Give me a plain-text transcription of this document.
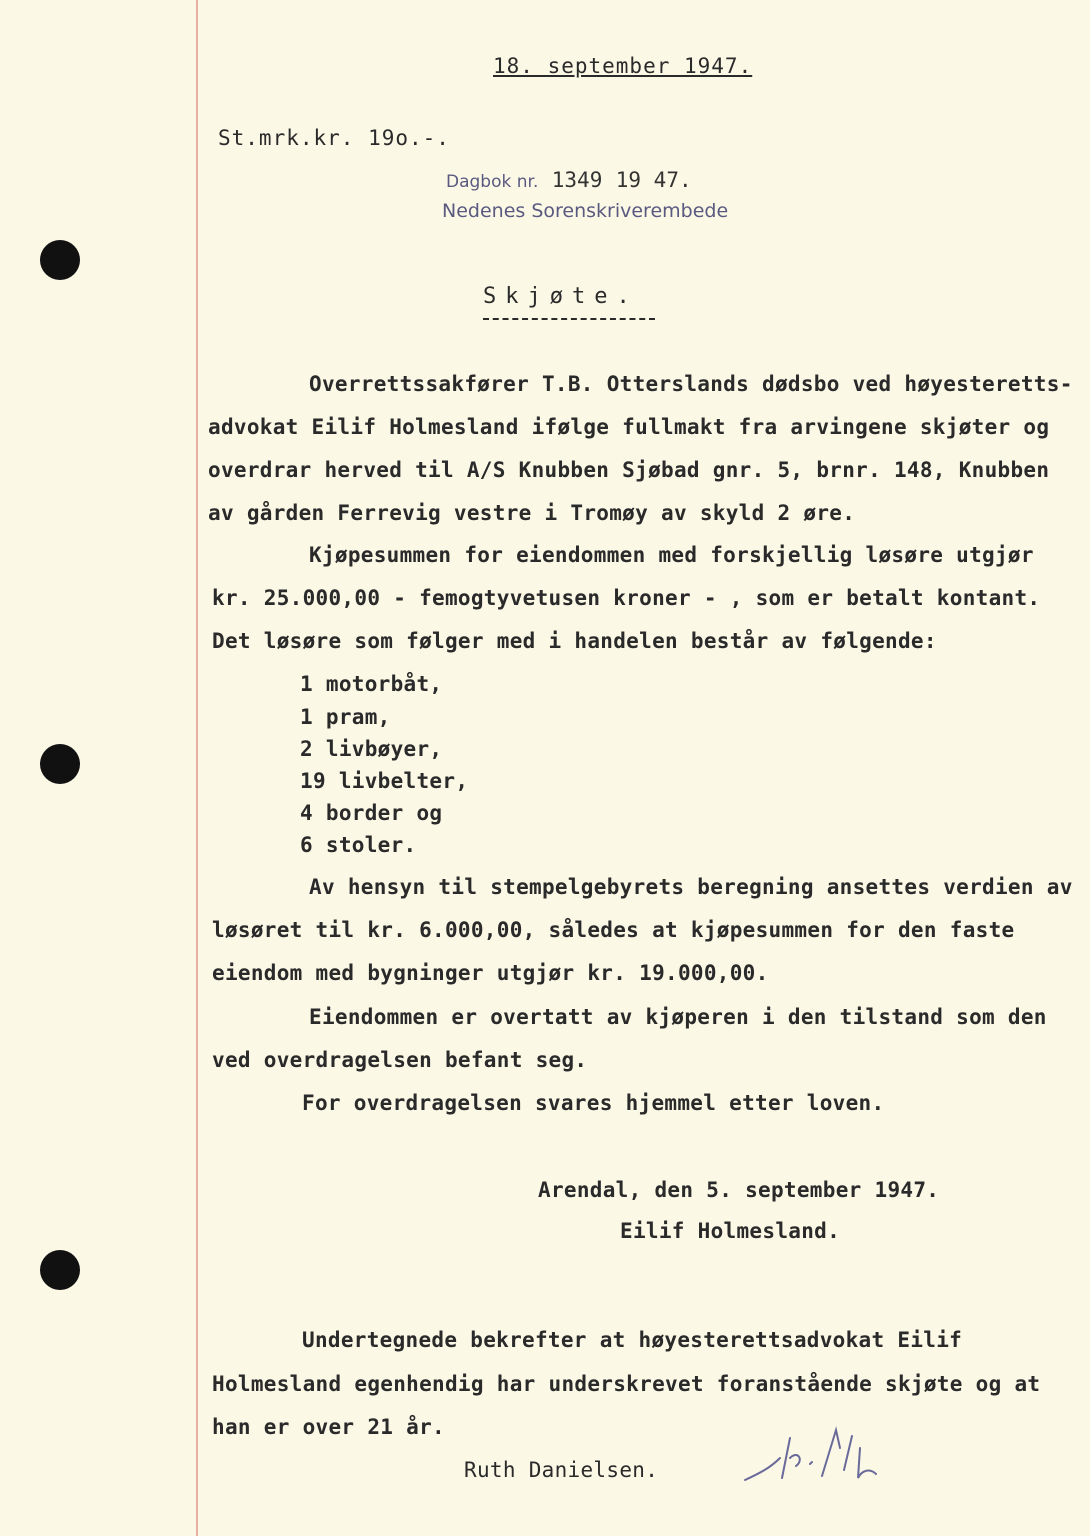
18. september 1947.
St.mrk.kr. 19o.-.
Dagbok nr. 1349 19 47.
Nedenes Sorenskriverembede
Skjøte.
Overrettssakfører T.B. Otterslands dødsbo ved høyesteretts-
advokat Eilif Holmesland ifølge fullmakt fra arvingene skjøter og
overdrar herved til A/S Knubben Sjøbad gnr. 5, brnr. 148, Knubben
av gården Ferrevig vestre i Tromøy av skyld 2 øre.
Kjøpesummen for eiendommen med forskjellig løsøre utgjør
kr. 25.000,00 - femogtyvetusen kroner - , som er betalt kontant.
Det løsøre som følger med i handelen består av følgende:
1 motorbåt,
1 pram,
2 livbøyer,
19 livbelter,
4 border og
6 stoler.
Av hensyn til stempelgebyrets beregning ansettes verdien av
løsøret til kr. 6.000,00, således at kjøpesummen for den faste
eiendom med bygninger utgjør kr. 19.000,00.
Eiendommen er overtatt av kjøperen i den tilstand som den
ved overdragelsen befant seg.
For overdragelsen svares hjemmel etter loven.
Arendal, den 5. september 1947.
Eilif Holmesland.
Undertegnede bekrefter at høyesterettsadvokat Eilif
Holmesland egenhendig har underskrevet foranstående skjøte og at
han er over 21 år.
Ruth Danielsen.
